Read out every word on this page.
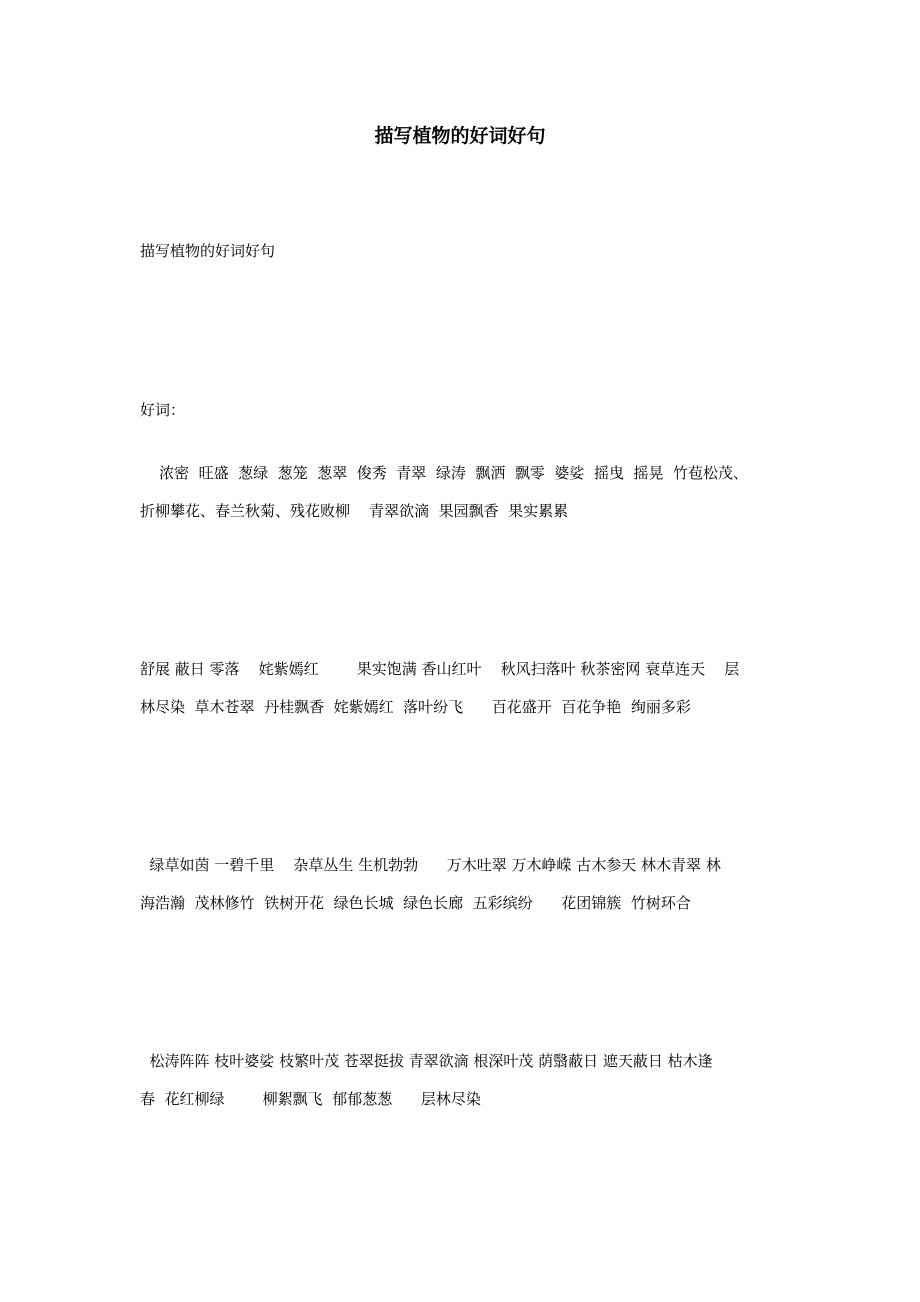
描写植物的好词好句
描写植物的好词好句
好词：
浓密  旺盛  葱绿  葱笼  葱翠  俊秀  青翠  绿涛  飘洒  飘零  婆娑  摇曳  摇晃  竹苞松茂、
折柳攀花、春兰秋菊、残花败柳    青翠欲滴  果园飘香  果实累累
舒展 蔽日 零落    姹紫嫣红        果实饱满 香山红叶    秋风扫落叶 秋茶密网 衰草连天    层
林尽染  草木苍翠  丹桂飘香  姹紫嫣红  落叶纷飞      百花盛开  百花争艳  绚丽多彩
绿草如茵 一碧千里    杂草丛生 生机勃勃      万木吐翠 万木峥嵘 古木参天 林木青翠 林
海浩瀚  茂林修竹  铁树开花  绿色长城  绿色长廊  五彩缤纷      花团锦簇  竹树环合
松涛阵阵 枝叶婆娑 枝繁叶茂 苍翠挺拔 青翠欲滴 根深叶茂 荫翳蔽日 遮天蔽日 枯木逢
春  花红柳绿        柳絮飘飞  郁郁葱葱      层林尽染
